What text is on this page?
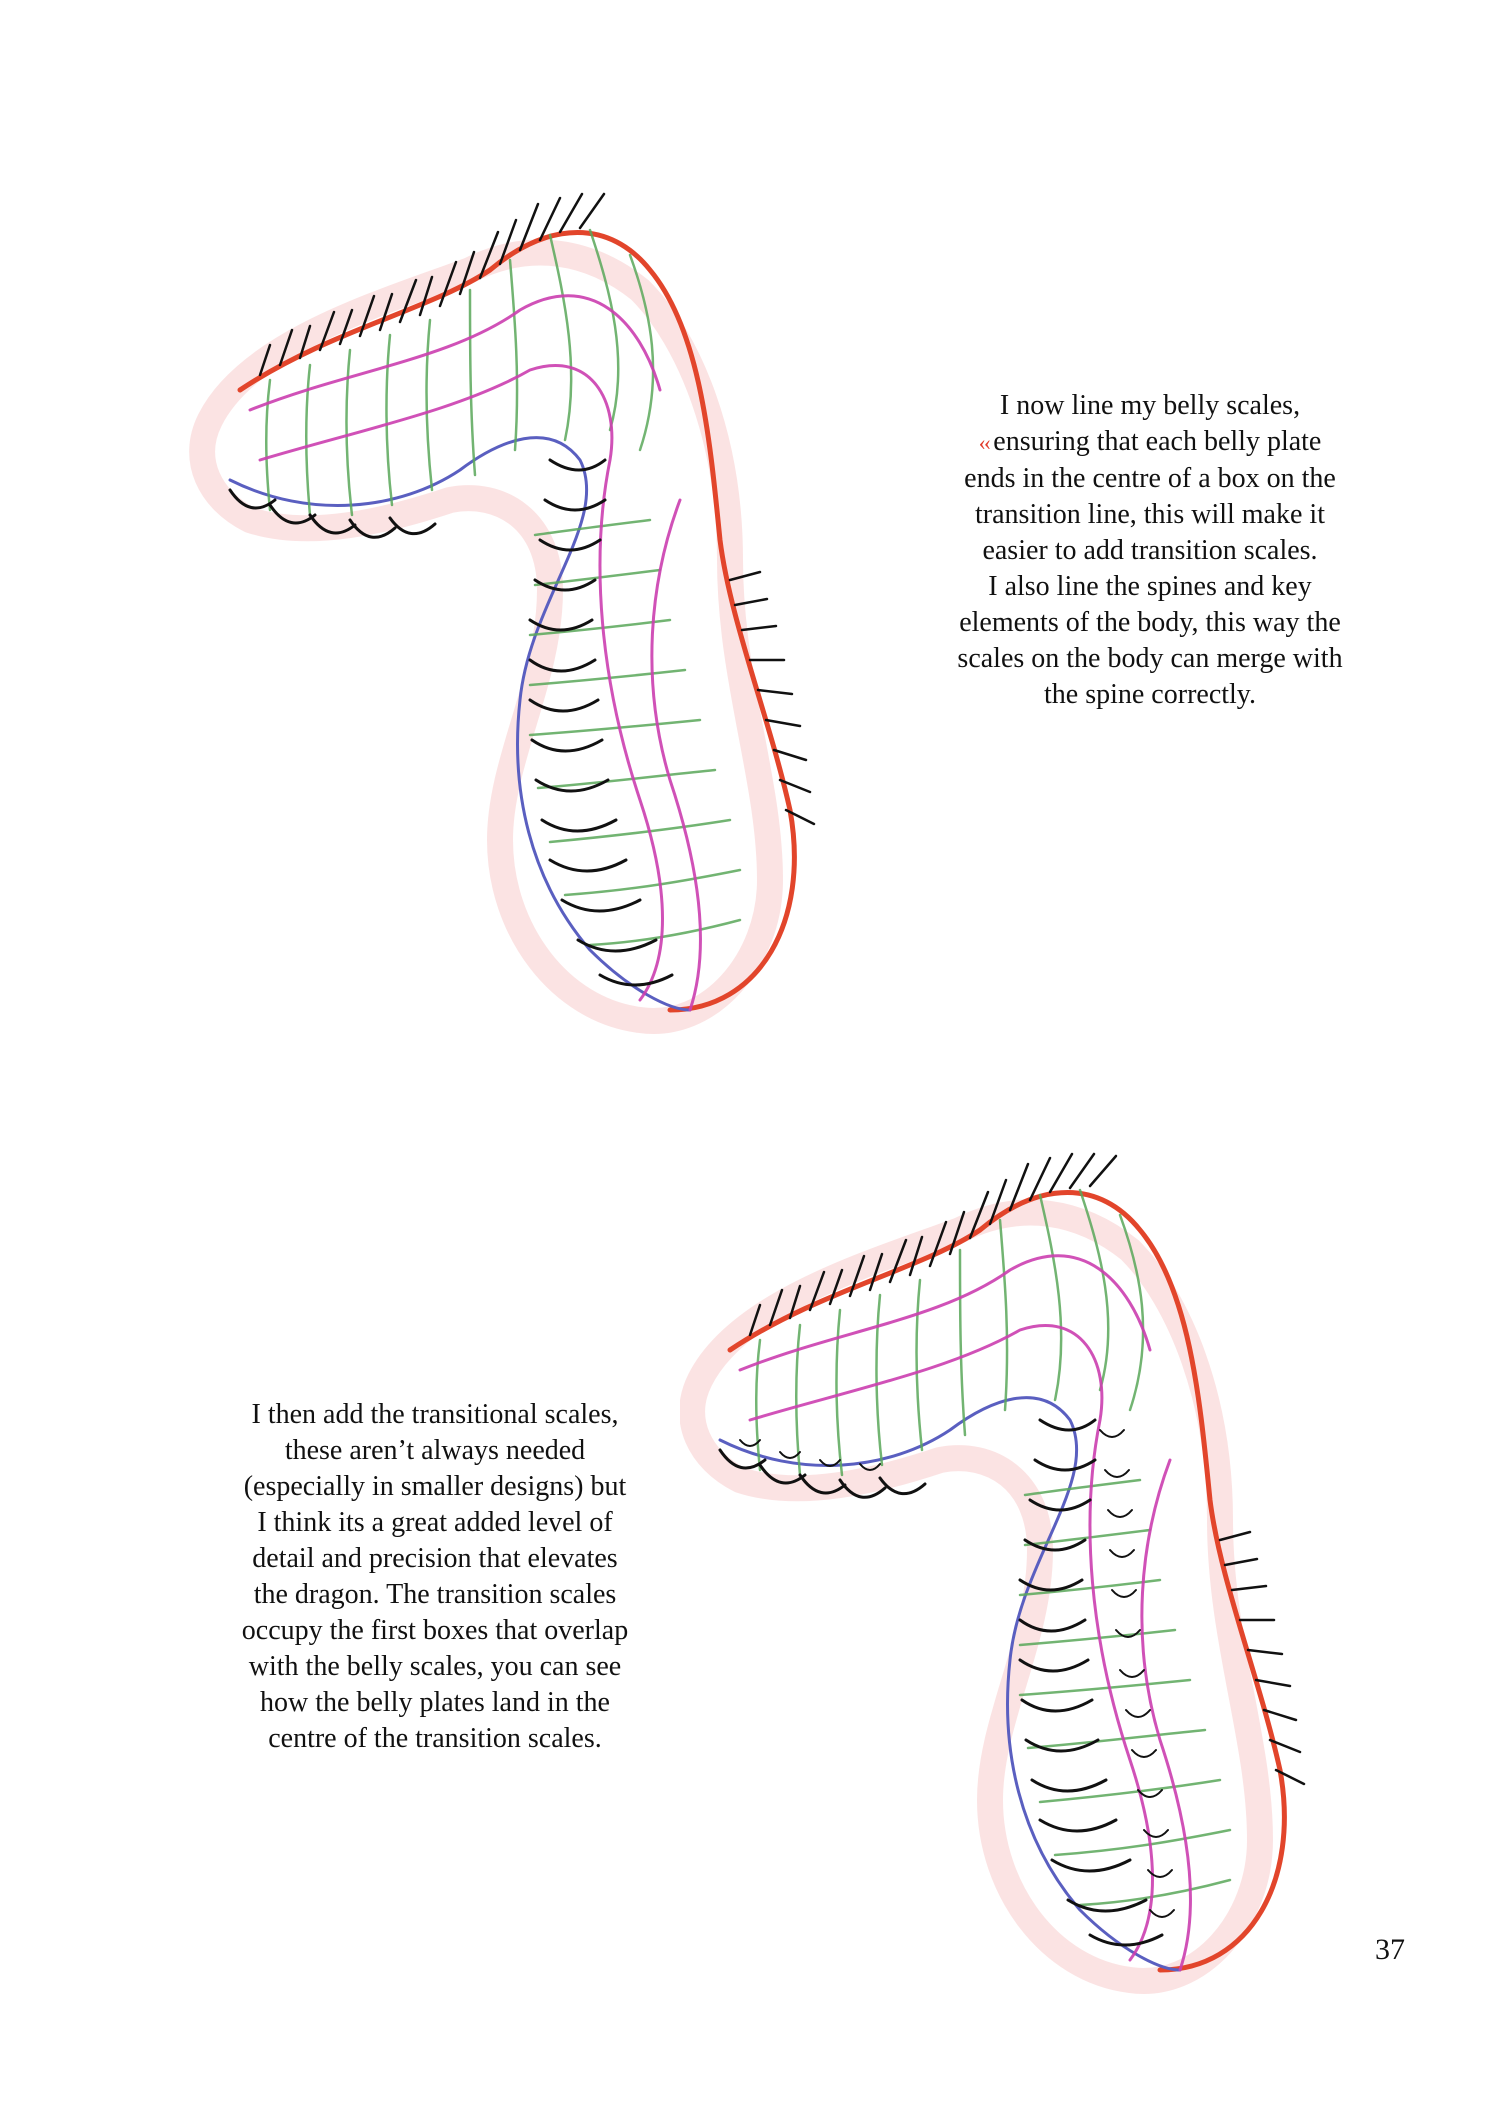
I now line my belly scales,

‹‹ ensuring that each belly plate

ends in the centre of a box on the

transition line, this will make it

easier to add transition scales.

I also line the spines and key

elements of the body, this way the

scales on the body can merge with

the spine correctly.

I then add the transitional scales,

these aren’t always needed

(especially in smaller designs) but

I think its a great added level of

detail and precision that elevates

the dragon. The transition scales

occupy the first boxes that overlap

with the belly scales, you can see

how the belly plates land in the

centre of the transition scales.

37
